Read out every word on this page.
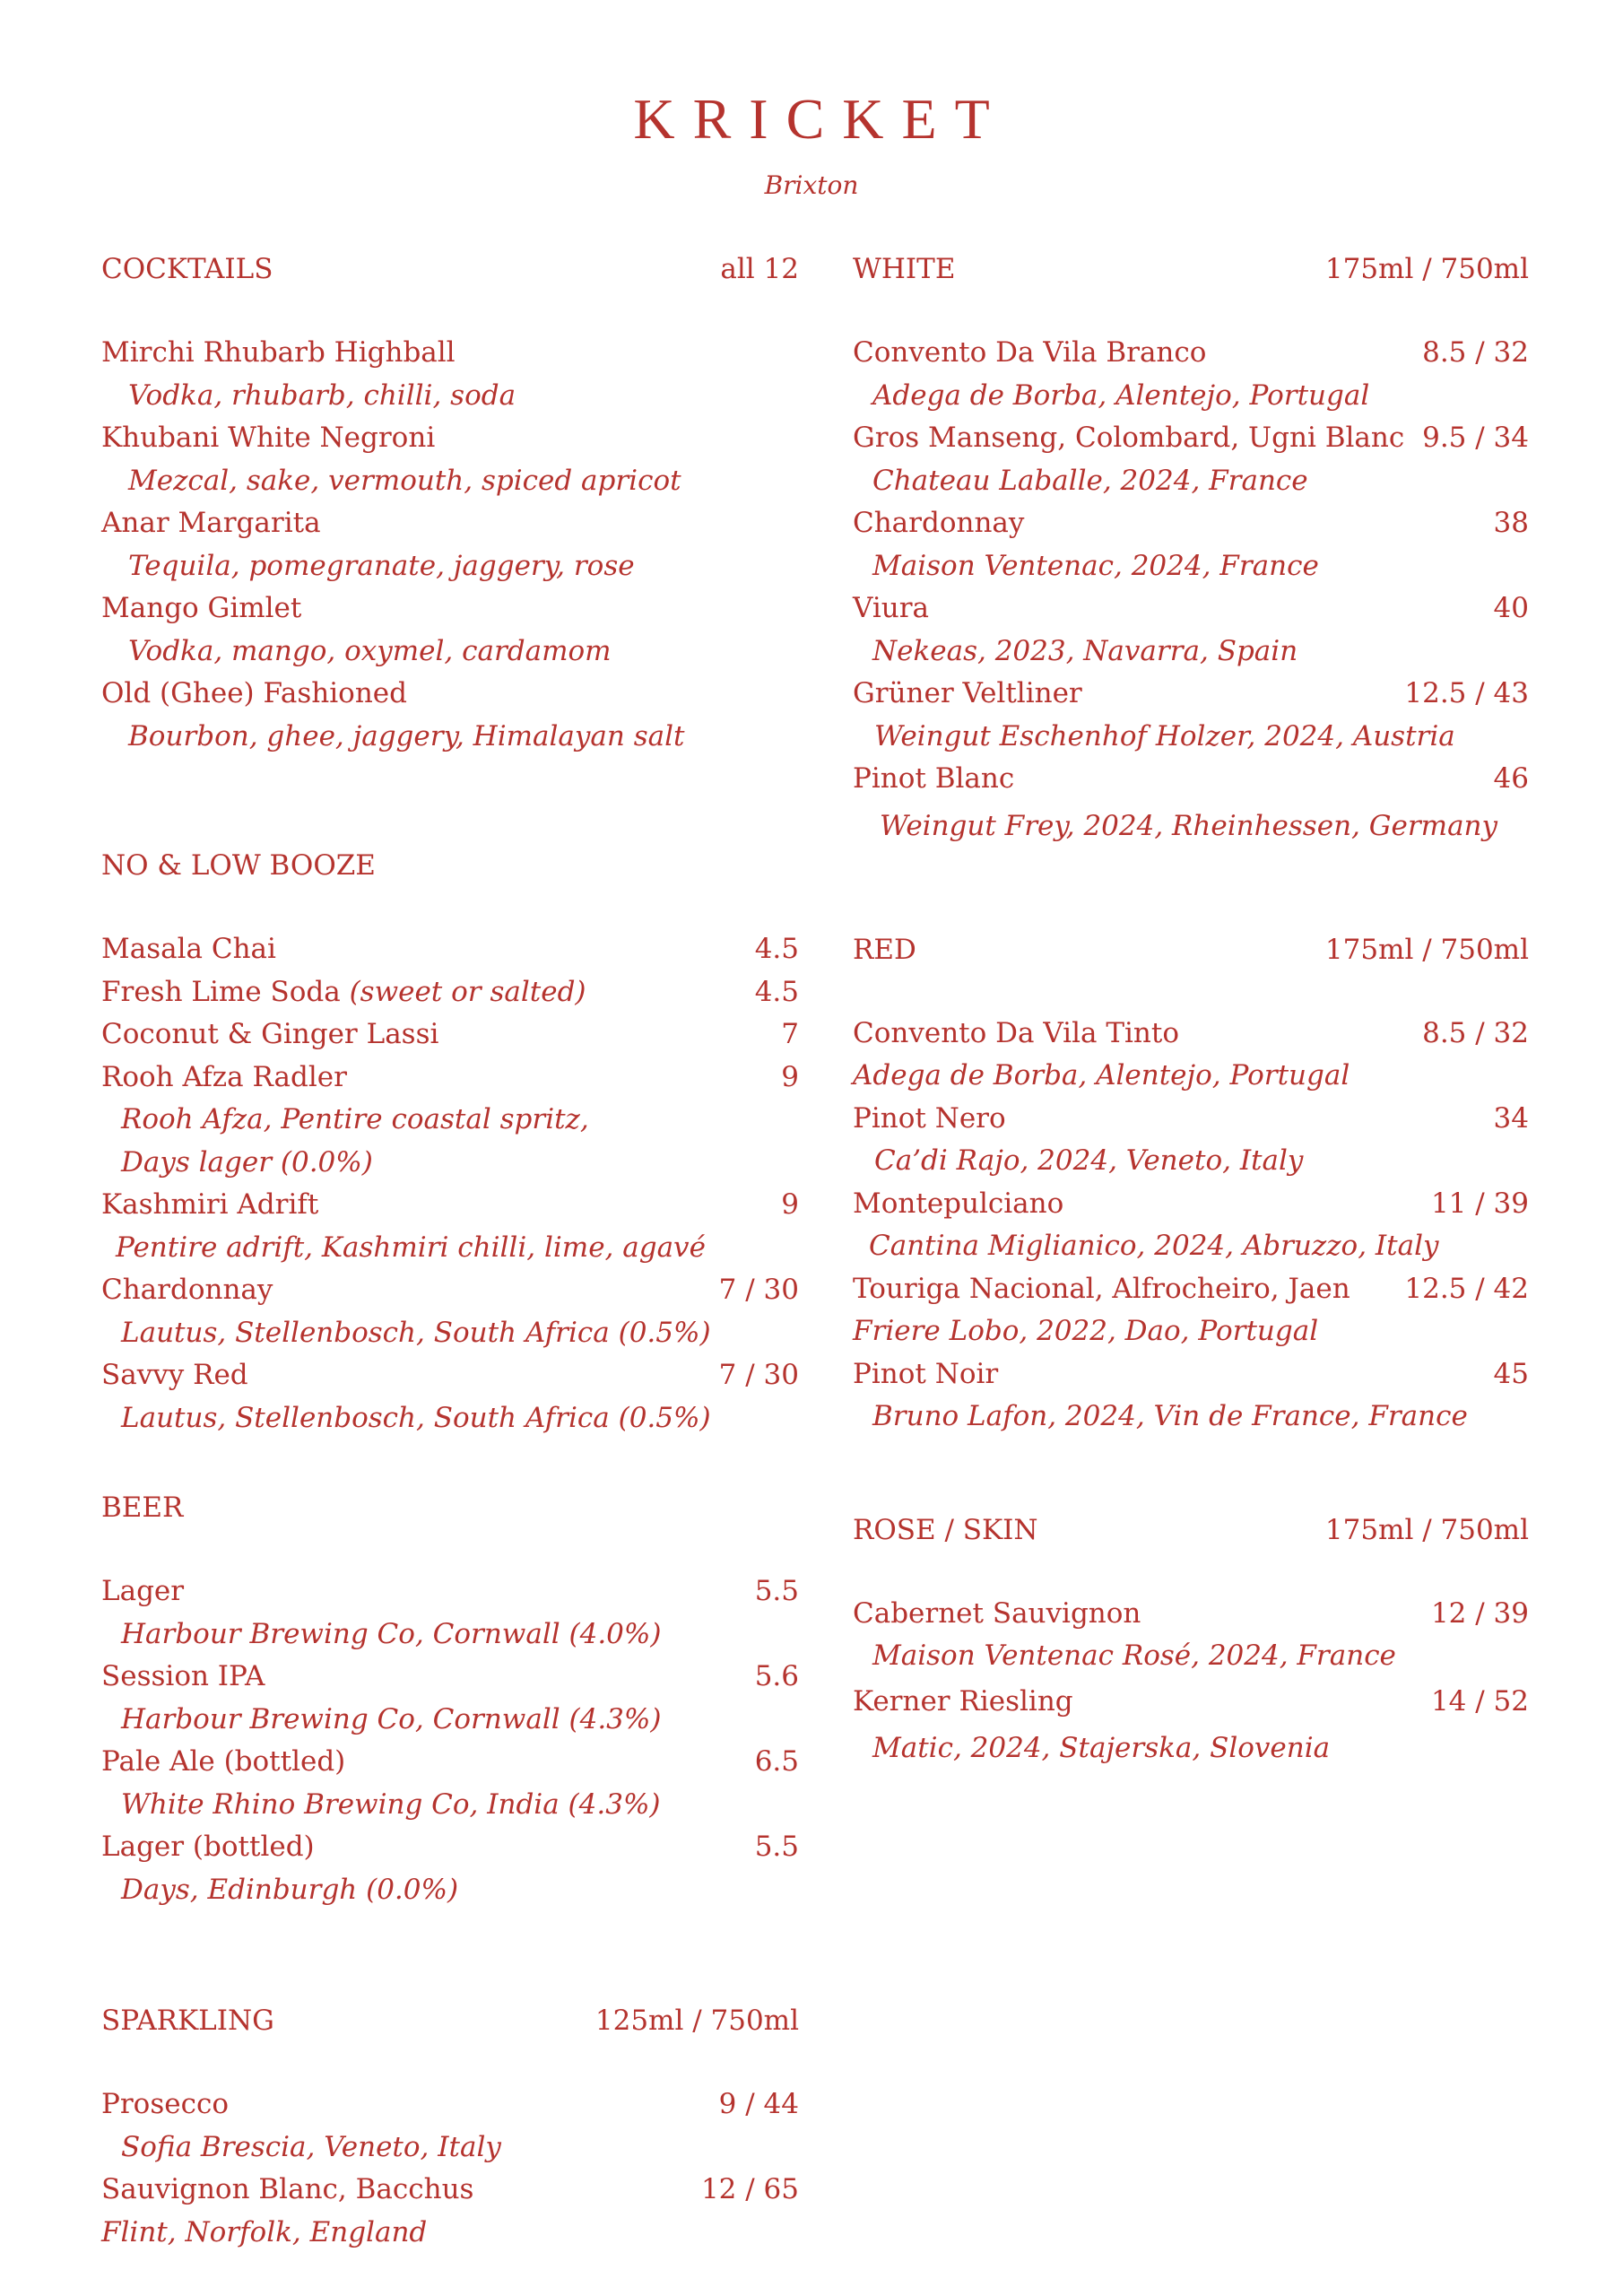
KRICKET
Brixton
COCKTAILS	all 12
Mirchi Rhubarb Highball
Vodka, rhubarb, chilli, soda
Khubani White Negroni
Mezcal, sake, vermouth, spiced apricot
Anar Margarita
Tequila, pomegranate, jaggery, rose
Mango Gimlet
Vodka, mango, oxymel, cardamom
Old (Ghee) Fashioned
Bourbon, ghee, jaggery, Himalayan salt
NO & LOW BOOZE
Masala Chai	4.5
Fresh Lime Soda (sweet or salted)	4.5
Coconut & Ginger Lassi	7
Rooh Afza Radler	9
Rooh Afza, Pentire coastal spritz,
Days lager (0.0%)
Kashmiri Adrift	9
Pentire adrift, Kashmiri chilli, lime, agavé
Chardonnay	7 / 30
Lautus, Stellenbosch, South Africa (0.5%)
Savvy Red	7 / 30
Lautus, Stellenbosch, South Africa (0.5%)
BEER
Lager	5.5
Harbour Brewing Co, Cornwall (4.0%)
Session IPA	5.6
Harbour Brewing Co, Cornwall (4.3%)
Pale Ale (bottled)	6.5
White Rhino Brewing Co, India (4.3%)
Lager (bottled)	5.5
Days, Edinburgh (0.0%)
SPARKLING	125ml / 750ml
Prosecco	9 / 44
Sofia Brescia, Veneto, Italy
Sauvignon Blanc, Bacchus	12 / 65
Flint, Norfolk, England
WHITE	175ml / 750ml
Convento Da Vila Branco	8.5 / 32
Adega de Borba, Alentejo, Portugal
Gros Manseng, Colombard, Ugni Blanc 9.5 / 34
Chateau Laballe, 2024, France
Chardonnay	38
Maison Ventenac, 2024, France
Viura	40
Nekeas, 2023, Navarra, Spain
Grüner Veltliner	12.5 / 43
Weingut Eschenhof Holzer, 2024, Austria
Pinot Blanc	46
Weingut Frey, 2024, Rheinhessen, Germany
RED	175ml / 750ml
Convento Da Vila Tinto	8.5 / 32
Adega de Borba, Alentejo, Portugal
Pinot Nero	34
Ca’di Rajo, 2024, Veneto, Italy
Montepulciano	11 / 39
Cantina Miglianico, 2024, Abruzzo, Italy
Touriga Nacional, Alfrocheiro, Jaen 12.5 / 42
Friere Lobo, 2022, Dao, Portugal
Pinot Noir	45
Bruno Lafon, 2024, Vin de France, France
ROSE / SKIN	175ml / 750ml
Cabernet Sauvignon	12 / 39
Maison Ventenac Rosé, 2024, France
Kerner Riesling	14 / 52
Matic, 2024, Stajerska, Slovenia
